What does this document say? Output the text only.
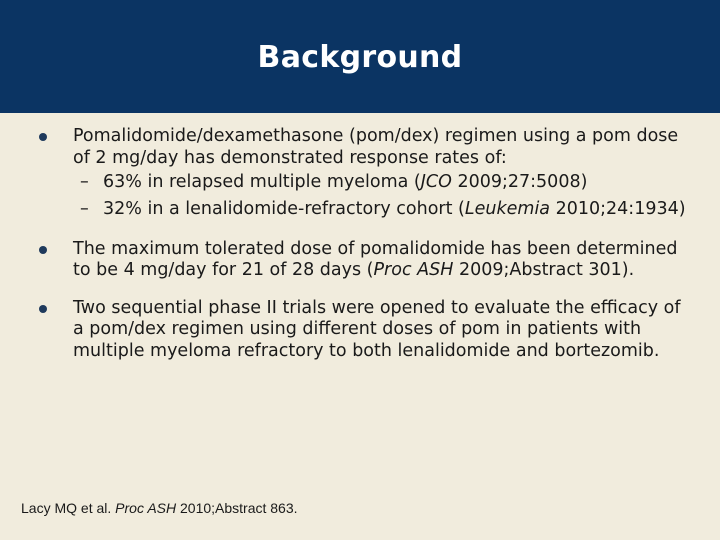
Background
Pomalidomide/dexamethasone (pom/dex) regimen using a pom dose of 2 mg/day has demonstrated response rates of:
– 63% in relapsed multiple myeloma (JCO 2009;27:5008)
– 32% in a lenalidomide-refractory cohort (Leukemia 2010;24:1934)
The maximum tolerated dose of pomalidomide has been determined to be 4 mg/day for 21 of 28 days (Proc ASH 2009;Abstract 301).
Two sequential phase II trials were opened to evaluate the efficacy of a pom/dex regimen using different doses of pom in patients with multiple myeloma refractory to both lenalidomide and bortezomib.
Lacy MQ et al. Proc ASH 2010;Abstract 863.
